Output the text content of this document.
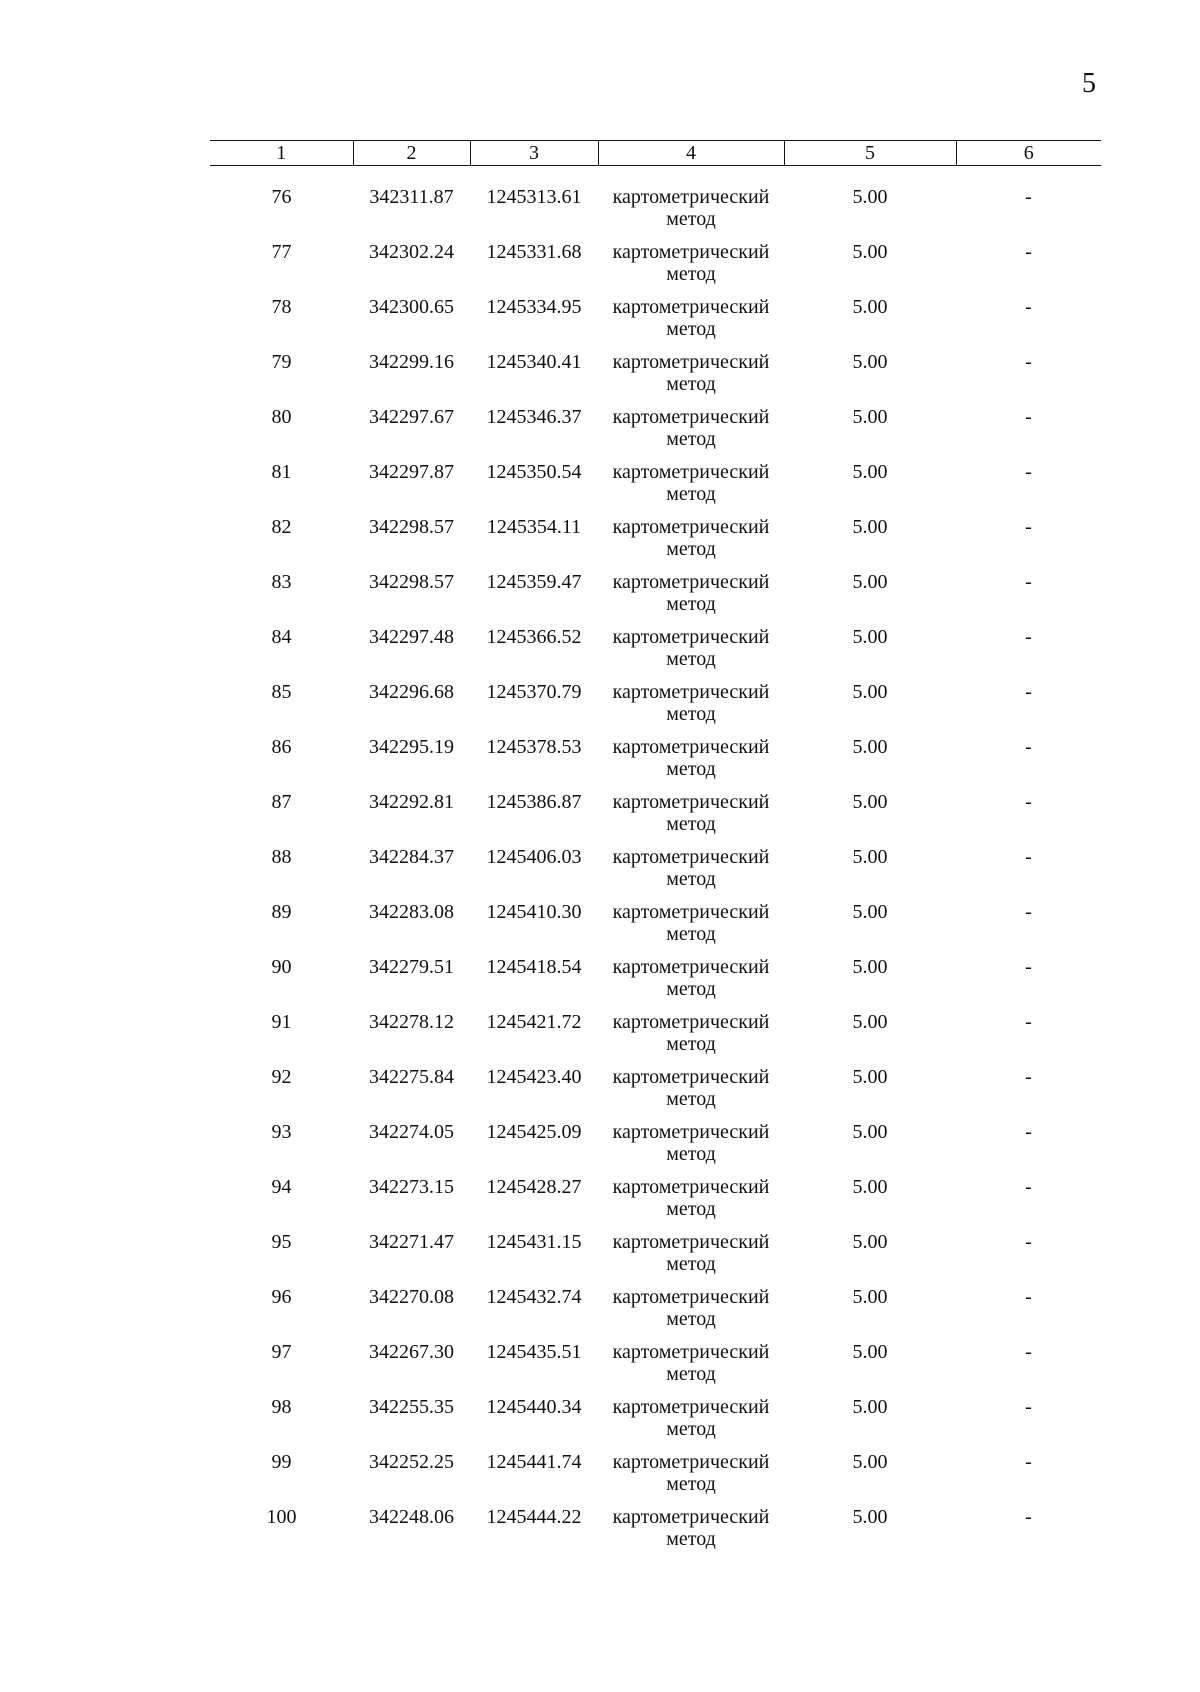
5
1	2	3	4	5	6

76	342311.87	1245313.61	картометрический
метод	5.00	-
77	342302.24	1245331.68	картометрический
метод	5.00	-
78	342300.65	1245334.95	картометрический
метод	5.00	-
79	342299.16	1245340.41	картометрический
метод	5.00	-
80	342297.67	1245346.37	картометрический
метод	5.00	-
81	342297.87	1245350.54	картометрический
метод	5.00	-
82	342298.57	1245354.11	картометрический
метод	5.00	-
83	342298.57	1245359.47	картометрический
метод	5.00	-
84	342297.48	1245366.52	картометрический
метод	5.00	-
85	342296.68	1245370.79	картометрический
метод	5.00	-
86	342295.19	1245378.53	картометрический
метод	5.00	-
87	342292.81	1245386.87	картометрический
метод	5.00	-
88	342284.37	1245406.03	картометрический
метод	5.00	-
89	342283.08	1245410.30	картометрический
метод	5.00	-
90	342279.51	1245418.54	картометрический
метод	5.00	-
91	342278.12	1245421.72	картометрический
метод	5.00	-
92	342275.84	1245423.40	картометрический
метод	5.00	-
93	342274.05	1245425.09	картометрический
метод	5.00	-
94	342273.15	1245428.27	картометрический
метод	5.00	-
95	342271.47	1245431.15	картометрический
метод	5.00	-
96	342270.08	1245432.74	картометрический
метод	5.00	-
97	342267.30	1245435.51	картометрический
метод	5.00	-
98	342255.35	1245440.34	картометрический
метод	5.00	-
99	342252.25	1245441.74	картометрический
метод	5.00	-
100	342248.06	1245444.22	картометрический
метод	5.00	-
